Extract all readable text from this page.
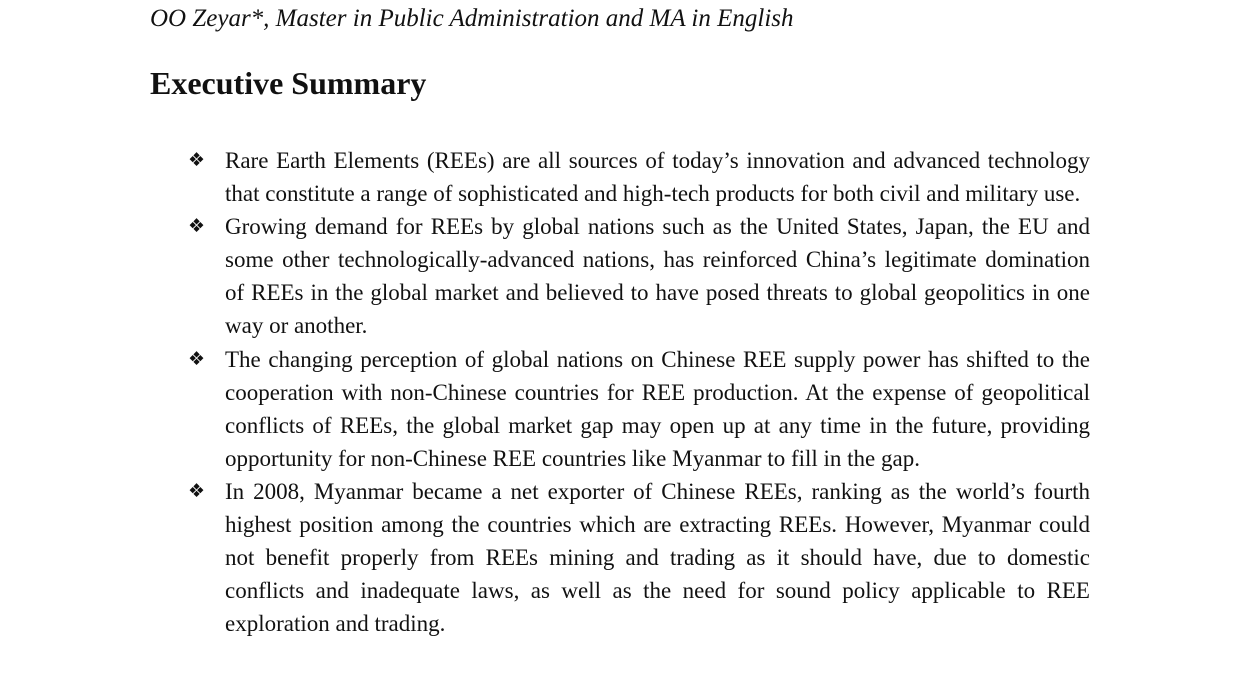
OO Zeyar*, Master in Public Administration and MA in English
Executive Summary
❖ Rare Earth Elements (REEs) are all sources of today’s innovation and advanced technology that constitute a range of sophisticated and high-tech products for both civil and military use.
❖ Growing demand for REEs by global nations such as the United States, Japan, the EU and some other technologically-advanced nations, has reinforced China’s legitimate domination of REEs in the global market and believed to have posed threats to global geopolitics in one way or another.
❖ The changing perception of global nations on Chinese REE supply power has shifted to the cooperation with non-Chinese countries for REE production. At the expense of geopolitical conflicts of REEs, the global market gap may open up at any time in the future, providing opportunity for non-Chinese REE countries like Myanmar to fill in the gap.
❖ In 2008, Myanmar became a net exporter of Chinese REEs, ranking as the world’s fourth highest position among the countries which are extracting REEs. However, Myanmar could not benefit properly from REEs mining and trading as it should have, due to domestic conflicts and inadequate laws, as well as the need for sound policy applicable to REE exploration and trading.
